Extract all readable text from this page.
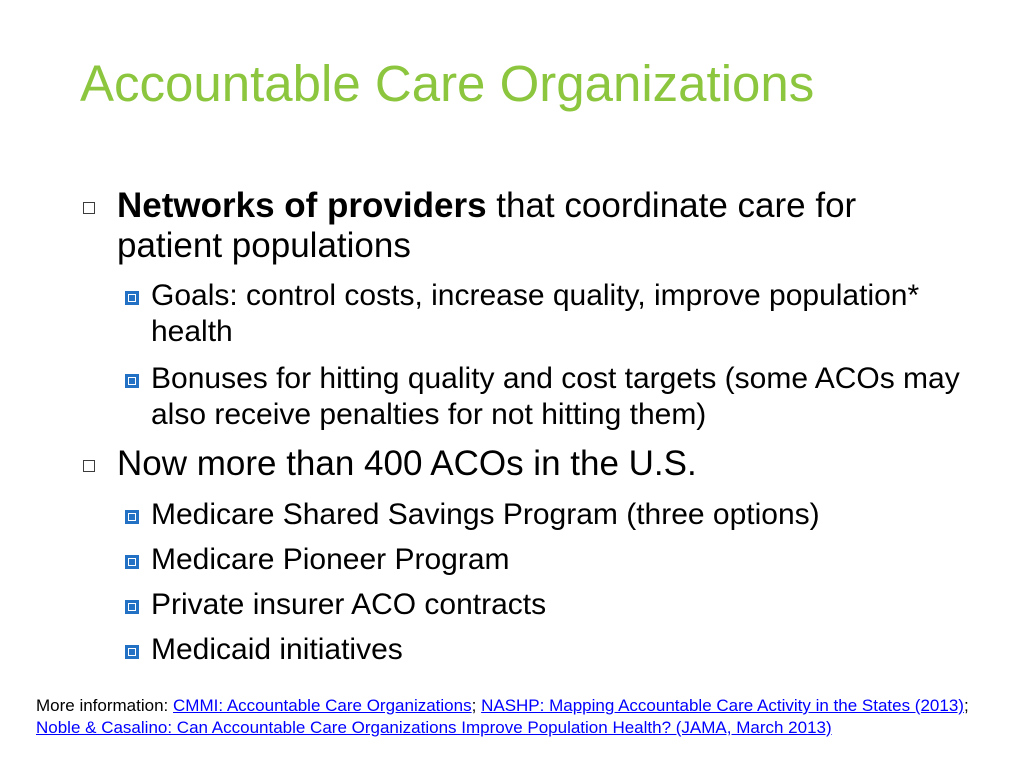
Accountable Care Organizations
Networks of providers that coordinate care for patient populations
Goals: control costs, increase quality, improve population* health
Bonuses for hitting quality and cost targets (some ACOs may also receive penalties for not hitting them)
Now more than 400 ACOs in the U.S.
Medicare Shared Savings Program (three options)
Medicare Pioneer Program
Private insurer ACO contracts
Medicaid initiatives
More information: CMMI: Accountable Care Organizations; NASHP: Mapping Accountable Care Activity in the States (2013);
Noble & Casalino: Can Accountable Care Organizations Improve Population Health? (JAMA, March 2013)
